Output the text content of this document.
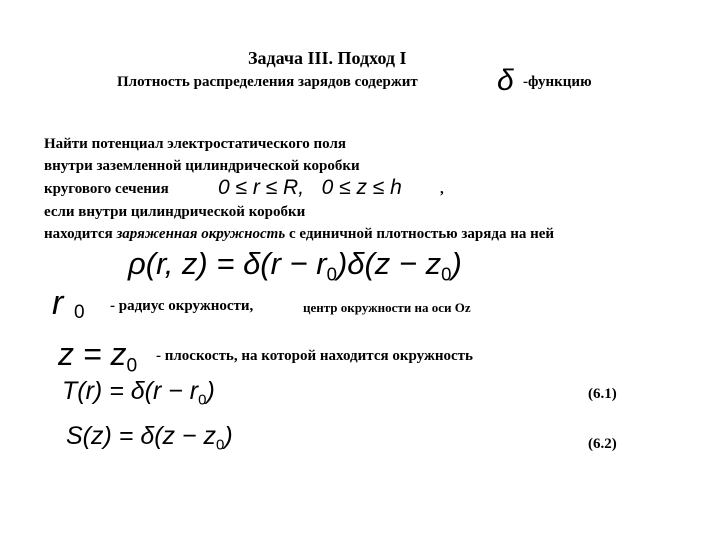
Задача III. Подход I
Плотность распределения зарядов содержит	δ -функцию
Найти потенциал электростатического поля
внутри заземленной цилиндрической коробки
кругового сечения 0 ≤ r ≤ R,   0 ≤ z ≤ h	,
если внутри цилиндрической коробки
находится заряженная окружность с единичной плотностью заряда на ней
ρ(r, $z) = \delta(r - r_0)\delta(z - z_0)$
r 0 - радиус окружности,	центр окружности на оси Oz
$z = z_0$ - плоскость, на которой находится окружность
$T(r) = \delta(r - r_0)$	(6.1)
$S(z) = \delta(z - z_0)$	(6.2)
